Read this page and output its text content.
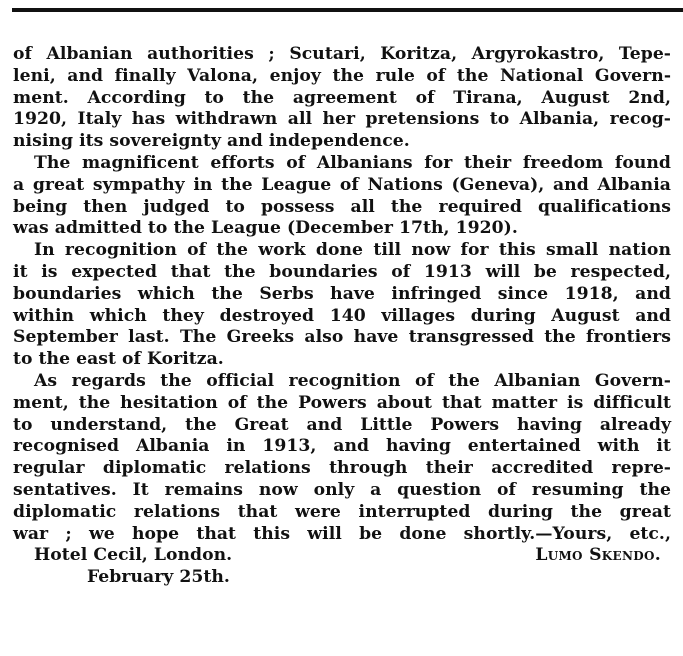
of Albanian authorities ; Scutari, Koritza, Argyrokastro, Tepe-
leni, and finally Valona, enjoy the rule of the National Govern-
ment. According to the agreement of Tirana, August 2nd,
1920, Italy has withdrawn all her pretensions to Albania, recog-
nising its sovereignty and independence.
The magnificent efforts of Albanians for their freedom found
a great sympathy in the League of Nations (Geneva), and Albania
being then judged to possess all the required qualifications
was admitted to the League (December 17th, 1920).
In recognition of the work done till now for this small nation
it is expected that the boundaries of 1913 will be respected,
boundaries which the Serbs have infringed since 1918, and
within which they destroyed 140 villages during August and
September last. The Greeks also have transgressed the frontiers
to the east of Koritza.
As regards the official recognition of the Albanian Govern-
ment, the hesitation of the Powers about that matter is difficult
to understand, the Great and Little Powers having already
recognised Albania in 1913, and having entertained with it
regular diplomatic relations through their accredited repre-
sentatives. It remains now only a question of resuming the
diplomatic relations that were interrupted during the great
war ; we hope that this will be done shortly.—Yours, etc.,
Hotel Cecil, London.	Lumo Skendo.
February 25th.
